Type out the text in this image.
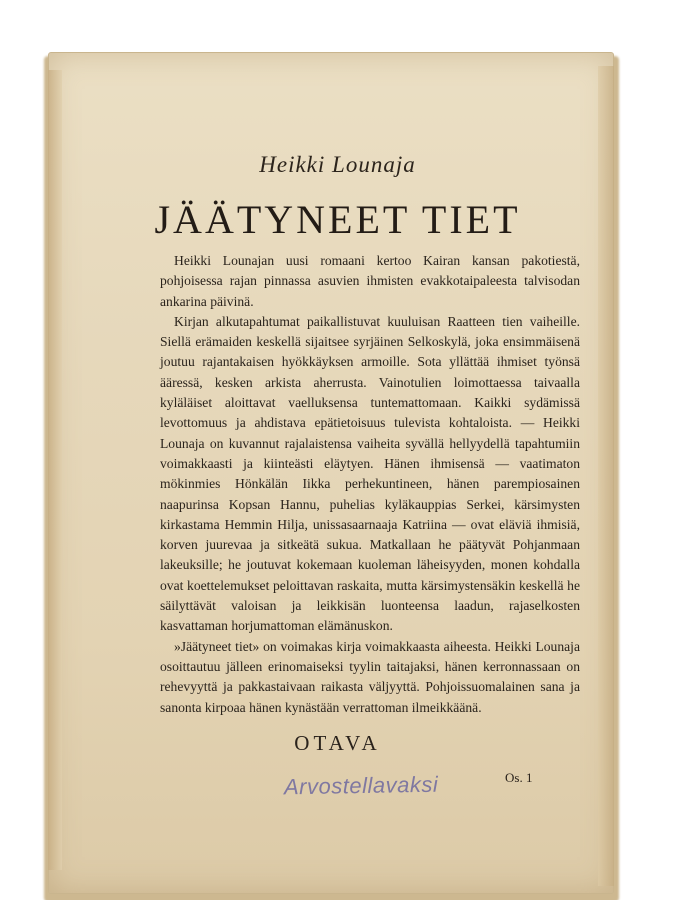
Heikki Lounaja
JÄÄTYNEET TIET

Heikki Lounajan uusi romaani kertoo Kairan kansan pakotiestä, pohjoisessa rajan pinnassa asuvien ihmisten evakkotaipaleesta talvisodan ankarina päivinä.

Kirjan alkutapahtumat paikallistuvat kuuluisan Raatteen tien vaiheille. Siellä erämaiden keskellä sijaitsee syrjäinen Selkoskylä, joka ensimmäisenä joutuu rajantakaisen hyökkäyksen armoille. Sota yllättää ihmiset työnsä ääressä, kesken arkista aherrusta. Vainotulien loimottaessa taivaalla kyläläiset aloittavat vaelluksensa tuntemattomaan. Kaikki sydämissä levottomuus ja ahdistava epätietoisuus tulevista kohtaloista. — Heikki Lounaja on kuvannut rajalaistensa vaiheita syvällä hellyydellä tapahtumiin voimakkaasti ja kiinteästi eläytyen. Hänen ihmisensä — vaatimaton mökinmies Hönkälän Iikka perhekuntineen, hänen parempiosainen naapurinsa Kopsan Hannu, puhelias kyläkauppias Serkei, kärsimysten kirkastama Hemmin Hilja, unissasaarnaaja Katriina — ovat eläviä ihmisiä, korven juurevaa ja sitkeätä sukua. Matkallaan he päätyvät Pohjanmaan lakeuksille; he joutuvat kokemaan kuoleman läheisyyden, monen kohdalla ovat koettelemukset peloittavan raskaita, mutta kärsimystensäkin keskellä he säilyttävät valoisan ja leikkisän luonteensa laadun, rajaselkosten kasvattaman horjumattoman elämänuskon.

»Jäätyneet tiet» on voimakas kirja voimakkaasta aiheesta. Heikki Lounaja osoittautuu jälleen erinomaiseksi tyylin taitajaksi, hänen kerronnassaan on rehevyyttä ja pakkastaivaan raikasta väljyyttä. Pohjoissuomalainen sana ja sanonta kirpoaa hänen kynästään verrattoman ilmeikkäänä.

OTAVA
Arvostellavaksi	Os. 1
